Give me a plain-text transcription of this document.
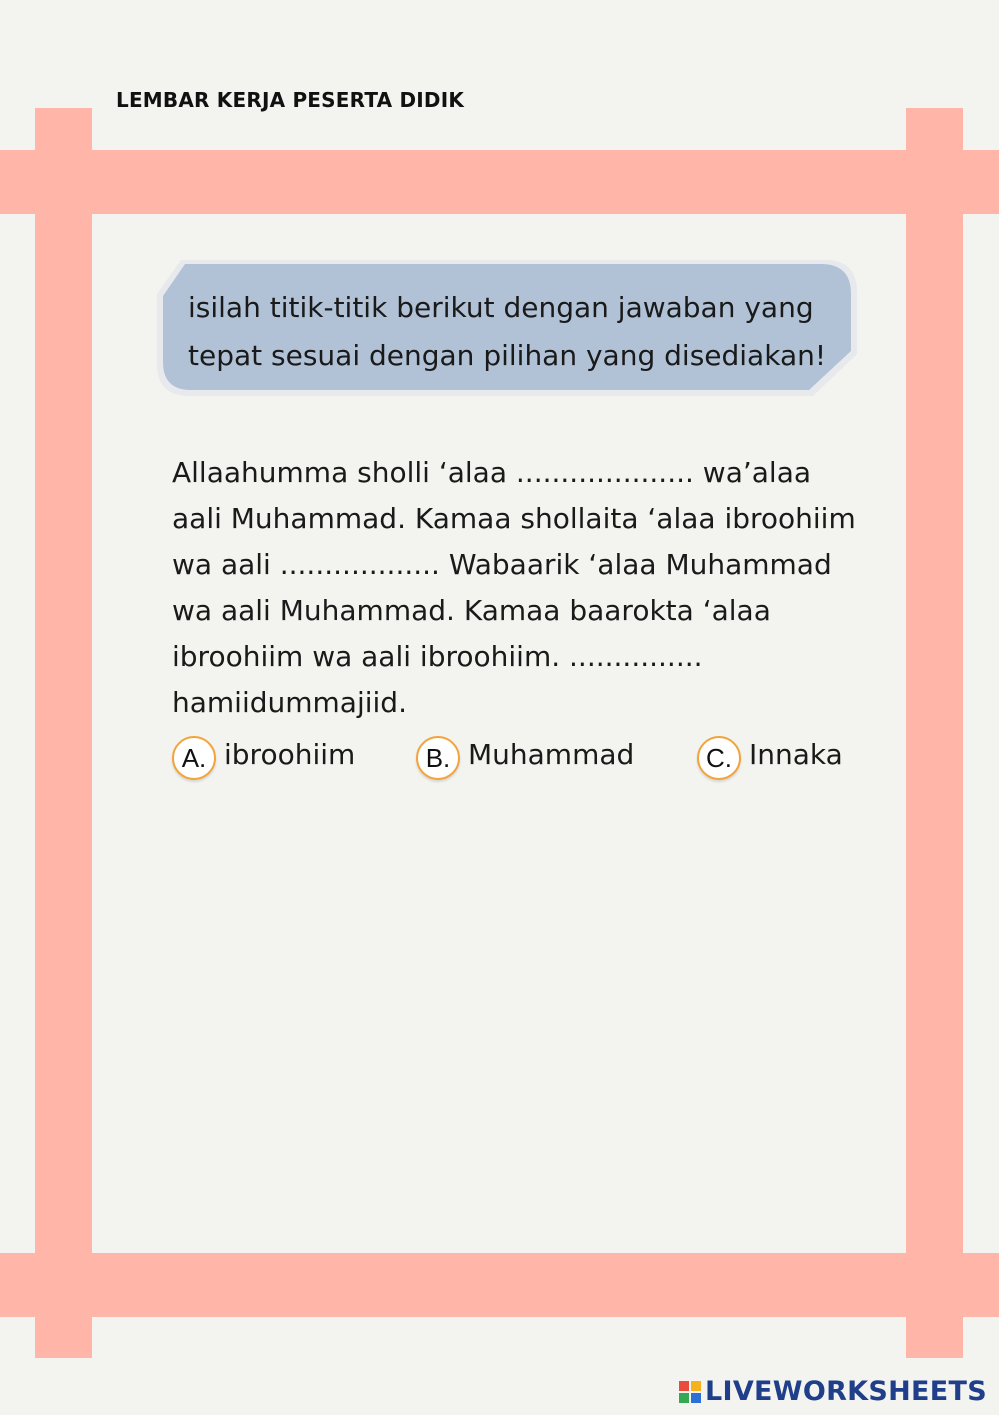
LEMBAR KERJA PESERTA DIDIK

isilah titik-titik berikut dengan jawaban yang tepat sesuai dengan pilihan yang disediakan!

Allaahumma sholli ‘alaa .................... wa’alaa aali Muhammad. Kamaa shollaita ‘alaa ibroohiim wa aali .................. Wabaarik ‘alaa Muhammad wa aali Muhammad. Kamaa baarokta ‘alaa ibroohiim wa aali ibroohiim. ............... hamiidummajiid.

A. ibroohiim	B. Muhammad	C. Innaka
LIVEWORKSHEETS
